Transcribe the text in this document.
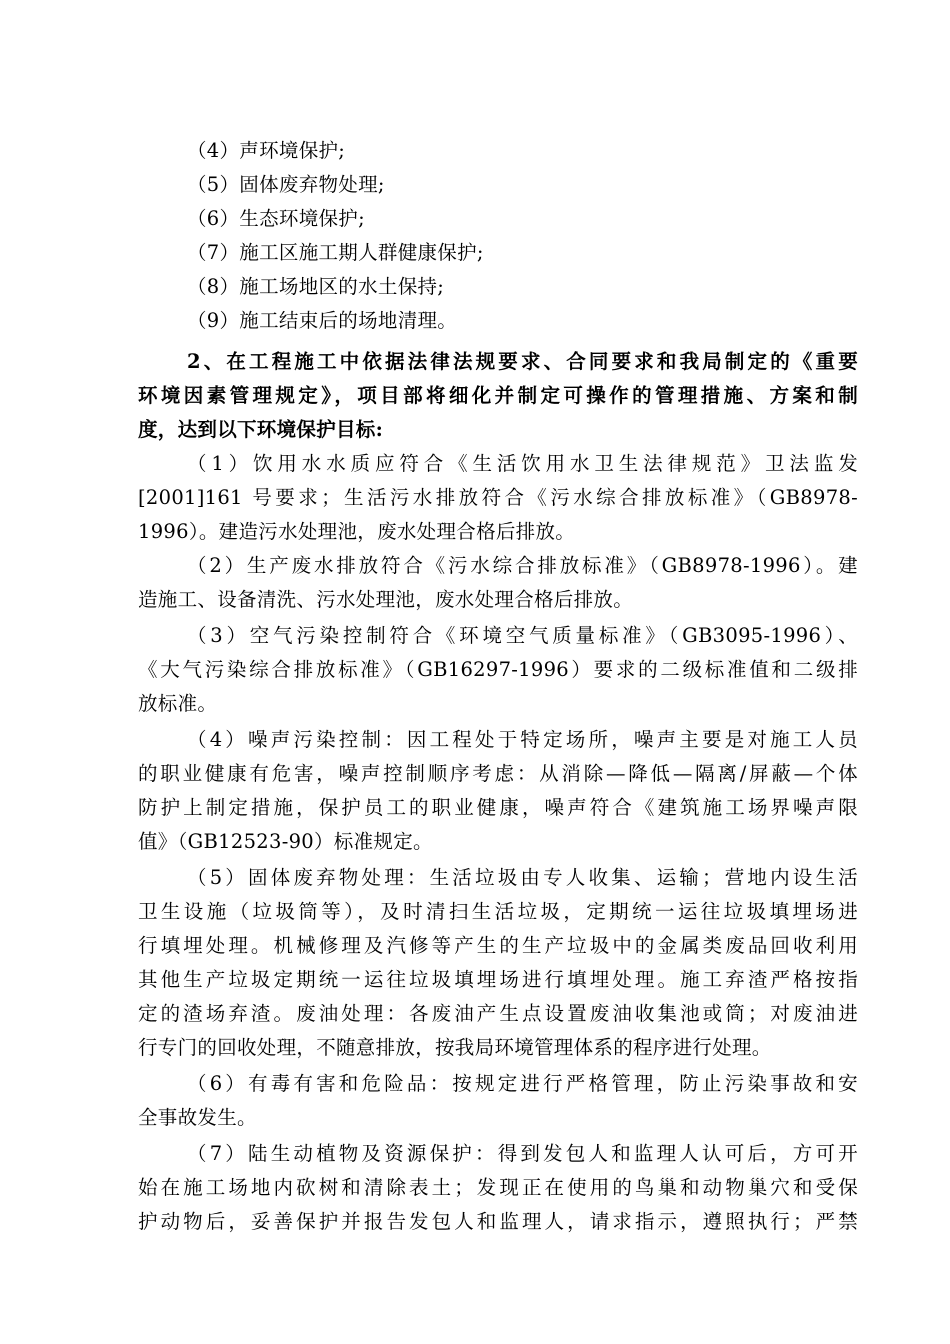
（4）声环境保护;
（5）固体废弃物处理;
（6）生态环境保护;
（7）施工区施工期人群健康保护;
（8）施工场地区的水土保持;
（9）施工结束后的场地清理。
2、在工程施工中依据法律法规要求、合同要求和我局制定的《重要
环境因素管理规定》，项目部将细化并制定可操作的管理措施、方案和制
度，达到以下环境保护目标:
（1）饮用水水质应符合《生活饮用水卫生法律规范》卫法监发
[2001]161 号要求；生活污水排放符合《污水综合排放标准》（GB8978-
1996）。建造污水处理池，废水处理合格后排放。
（2）生产废水排放符合《污水综合排放标准》（GB8978-1996）。建
造施工、设备清洗、污水处理池，废水处理合格后排放。
（3）空气污染控制符合《环境空气质量标准》（GB3095-1996）、
《大气污染综合排放标准》（GB16297-1996）要求的二级标准值和二级排
放标准。
（4）噪声污染控制：因工程处于特定场所，噪声主要是对施工人员
的职业健康有危害，噪声控制顺序考虑：从消除—降低—隔离/屏蔽—个体
防护上制定措施，保护员工的职业健康，噪声符合《建筑施工场界噪声限
值》（GB12523-90）标准规定。
（5）固体废弃物处理：生活垃圾由专人收集、运输；营地内设生活
卫生设施（垃圾筒等），及时清扫生活垃圾，定期统一运往垃圾填埋场进
行填埋处理。机械修理及汽修等产生的生产垃圾中的金属类废品回收利用
其他生产垃圾定期统一运往垃圾填埋场进行填埋处理。施工弃渣严格按指
定的渣场弃渣。废油处理：各废油产生点设置废油收集池或筒；对废油进
行专门的回收处理，不随意排放，按我局环境管理体系的程序进行处理。
（6）有毒有害和危险品：按规定进行严格管理，防止污染事故和安
全事故发生。
（7）陆生动植物及资源保护：得到发包人和监理人认可后，方可开
始在施工场地内砍树和清除表土；发现正在使用的鸟巢和动物巢穴和受保
护动物后，妥善保护并报告发包人和监理人，请求指示，遵照执行；严禁
